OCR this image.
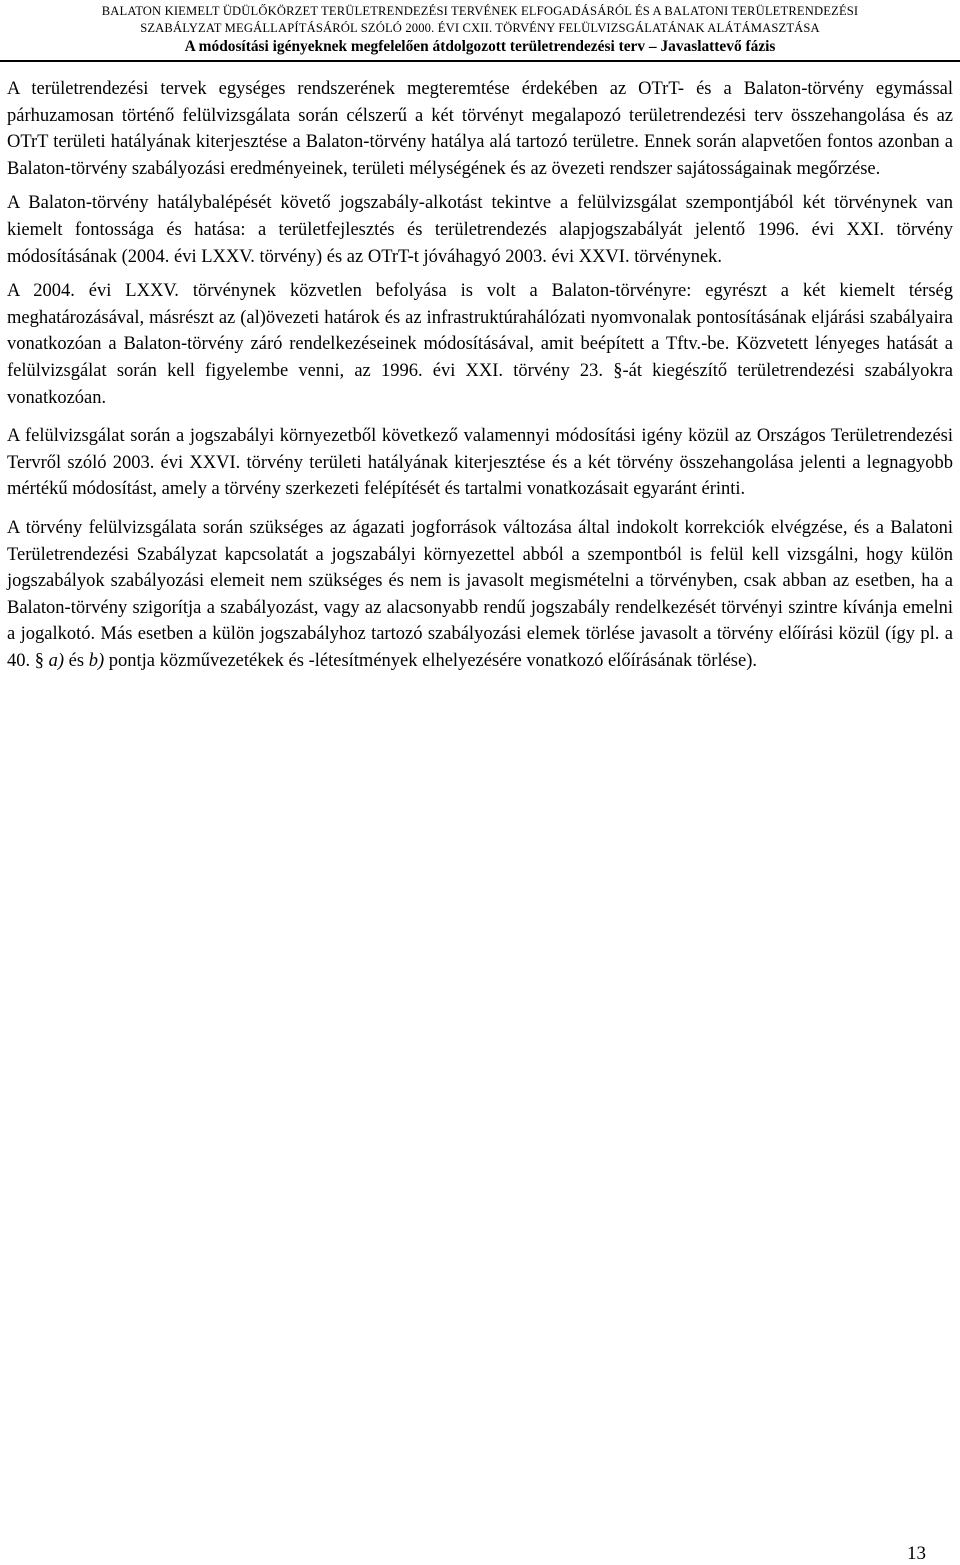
BALATON KIEMELT ÜDÜLŐKÖRZET TERÜLETRENDEZÉSI TERVÉNEK ELFOGADÁSÁRÓL ÉS A BALATONI TERÜLETRENDEZÉSI
SZABÁLYZAT MEGÁLLAPÍTÁSÁRÓL SZÓLÓ 2000. ÉVI CXII. TÖRVÉNY FELÜLVIZSGÁLATÁNAK ALÁTÁMASZTÁSA
A módosítási igényeknek megfelelően átdolgozott területrendezési terv – Javaslattevő fázis

A területrendezési tervek egységes rendszerének megteremtése érdekében az OTrT- és a Balaton-törvény egymással párhuzamosan történő felülvizsgálata során célszerű a két törvényt megalapozó területrendezési terv összehangolása és az OTrT területi hatályának kiterjesztése a Balaton-törvény hatálya alá tartozó területre. Ennek során alapvetően fontos azonban a Balaton-törvény szabályozási eredményeinek, területi mélységének és az övezeti rendszer sajátosságainak megőrzése.

A Balaton-törvény hatálybalépését követő jogszabály-alkotást tekintve a felülvizsgálat szempontjából két törvénynek van kiemelt fontossága és hatása: a területfejlesztés és területrendezés alapjogszabályát jelentő 1996. évi XXI. törvény módosításának (2004. évi LXXV. törvény) és az OTrT-t jóváhagyó 2003. évi XXVI. törvénynek.

A 2004. évi LXXV. törvénynek közvetlen befolyása is volt a Balaton-törvényre: egyrészt a két kiemelt térség meghatározásával, másrészt az (al)övezeti határok és az infrastruktúrahálózati nyomvonalak pontosításának eljárási szabályaira vonatkozóan a Balaton-törvény záró rendelkezéseinek módosításával, amit beépített a Tftv.-be. Közvetett lényeges hatását a felülvizsgálat során kell figyelembe venni, az 1996. évi XXI. törvény 23. §-át kiegészítő területrendezési szabályokra vonatkozóan.

A felülvizsgálat során a jogszabályi környezetből következő valamennyi módosítási igény közül az Országos Területrendezési Tervről szóló 2003. évi XXVI. törvény területi hatályának kiterjesztése és a két törvény összehangolása jelenti a legnagyobb mértékű módosítást, amely a törvény szerkezeti felépítését és tartalmi vonatkozásait egyaránt érinti.

A törvény felülvizsgálata során szükséges az ágazati jogforrások változása által indokolt korrekciók elvégzése, és a Balatoni Területrendezési Szabályzat kapcsolatát a jogszabályi környezettel abból a szempontból is felül kell vizsgálni, hogy külön jogszabályok szabályozási elemeit nem szükséges és nem is javasolt megismételni a törvényben, csak abban az esetben, ha a Balaton-törvény szigorítja a szabályozást, vagy az alacsonyabb rendű jogszabály rendelkezését törvényi szintre kívánja emelni a jogalkotó. Más esetben a külön jogszabályhoz tartozó szabályozási elemek törlése javasolt a törvény előírási közül (így pl. a 40. § a) és b) pontja közművezetékek és -létesítmények elhelyezésére vonatkozó előírásának törlése).

13
